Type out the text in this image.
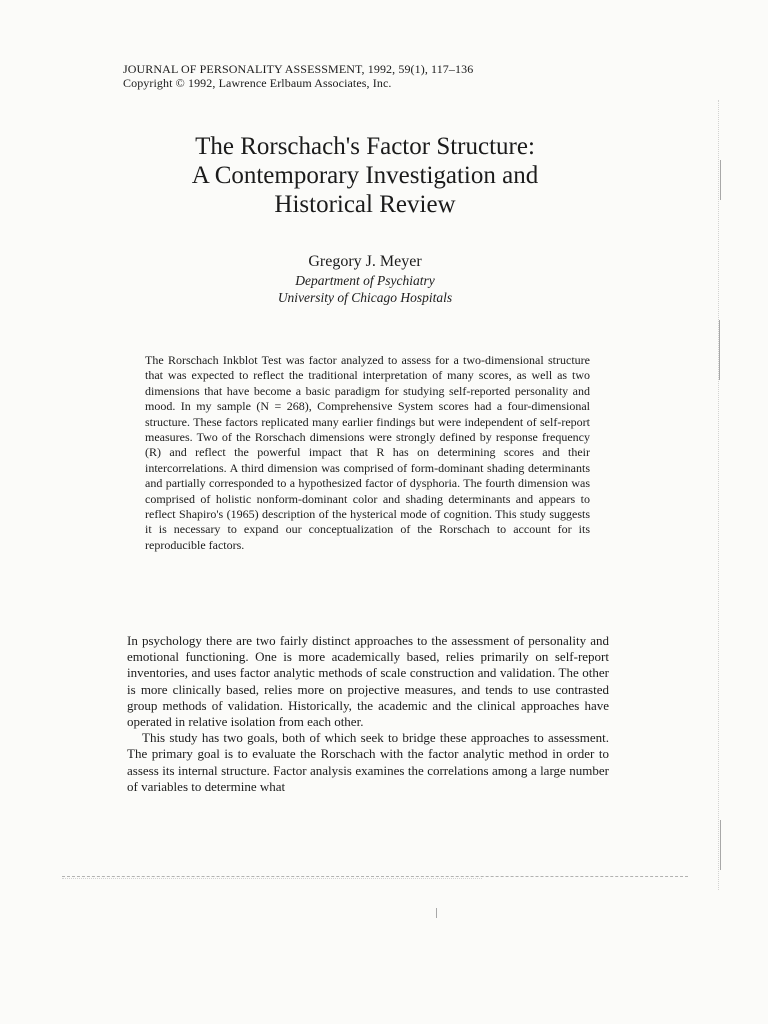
JOURNAL OF PERSONALITY ASSESSMENT, 1992, 59(1), 117–136
Copyright © 1992, Lawrence Erlbaum Associates, Inc.
The Rorschach's Factor Structure:
A Contemporary Investigation and
Historical Review
Gregory J. Meyer
Department of Psychiatry
University of Chicago Hospitals

The Rorschach Inkblot Test was factor analyzed to assess for a two-dimensional structure that was expected to reflect the traditional interpretation of many scores, as well as two dimensions that have become a basic paradigm for studying self-reported personality and mood. In my sample (N = 268), Comprehensive System scores had a four-dimensional structure. These factors replicated many earlier findings but were independent of self-report measures. Two of the Rorschach dimensions were strongly defined by response frequency (R) and reflect the powerful impact that R has on determining scores and their intercorrelations. A third dimension was comprised of form-dominant shading determinants and partially corresponded to a hypothesized factor of dysphoria. The fourth dimension was comprised of holistic nonform-dominant color and shading determinants and appears to reflect Shapiro's (1965) description of the hysterical mode of cognition. This study suggests it is necessary to expand our conceptualization of the Rorschach to account for its reproducible factors.

In psychology there are two fairly distinct approaches to the assessment of personality and emotional functioning. One is more academically based, relies primarily on self-report inventories, and uses factor analytic methods of scale construction and validation. The other is more clinically based, relies more on projective measures, and tends to use contrasted group methods of validation. Historically, the academic and the clinical approaches have operated in relative isolation from each other.

This study has two goals, both of which seek to bridge these approaches to assessment. The primary goal is to evaluate the Rorschach with the factor analytic method in order to assess its internal structure. Factor analysis examines the correlations among a large number of variables to determine what
